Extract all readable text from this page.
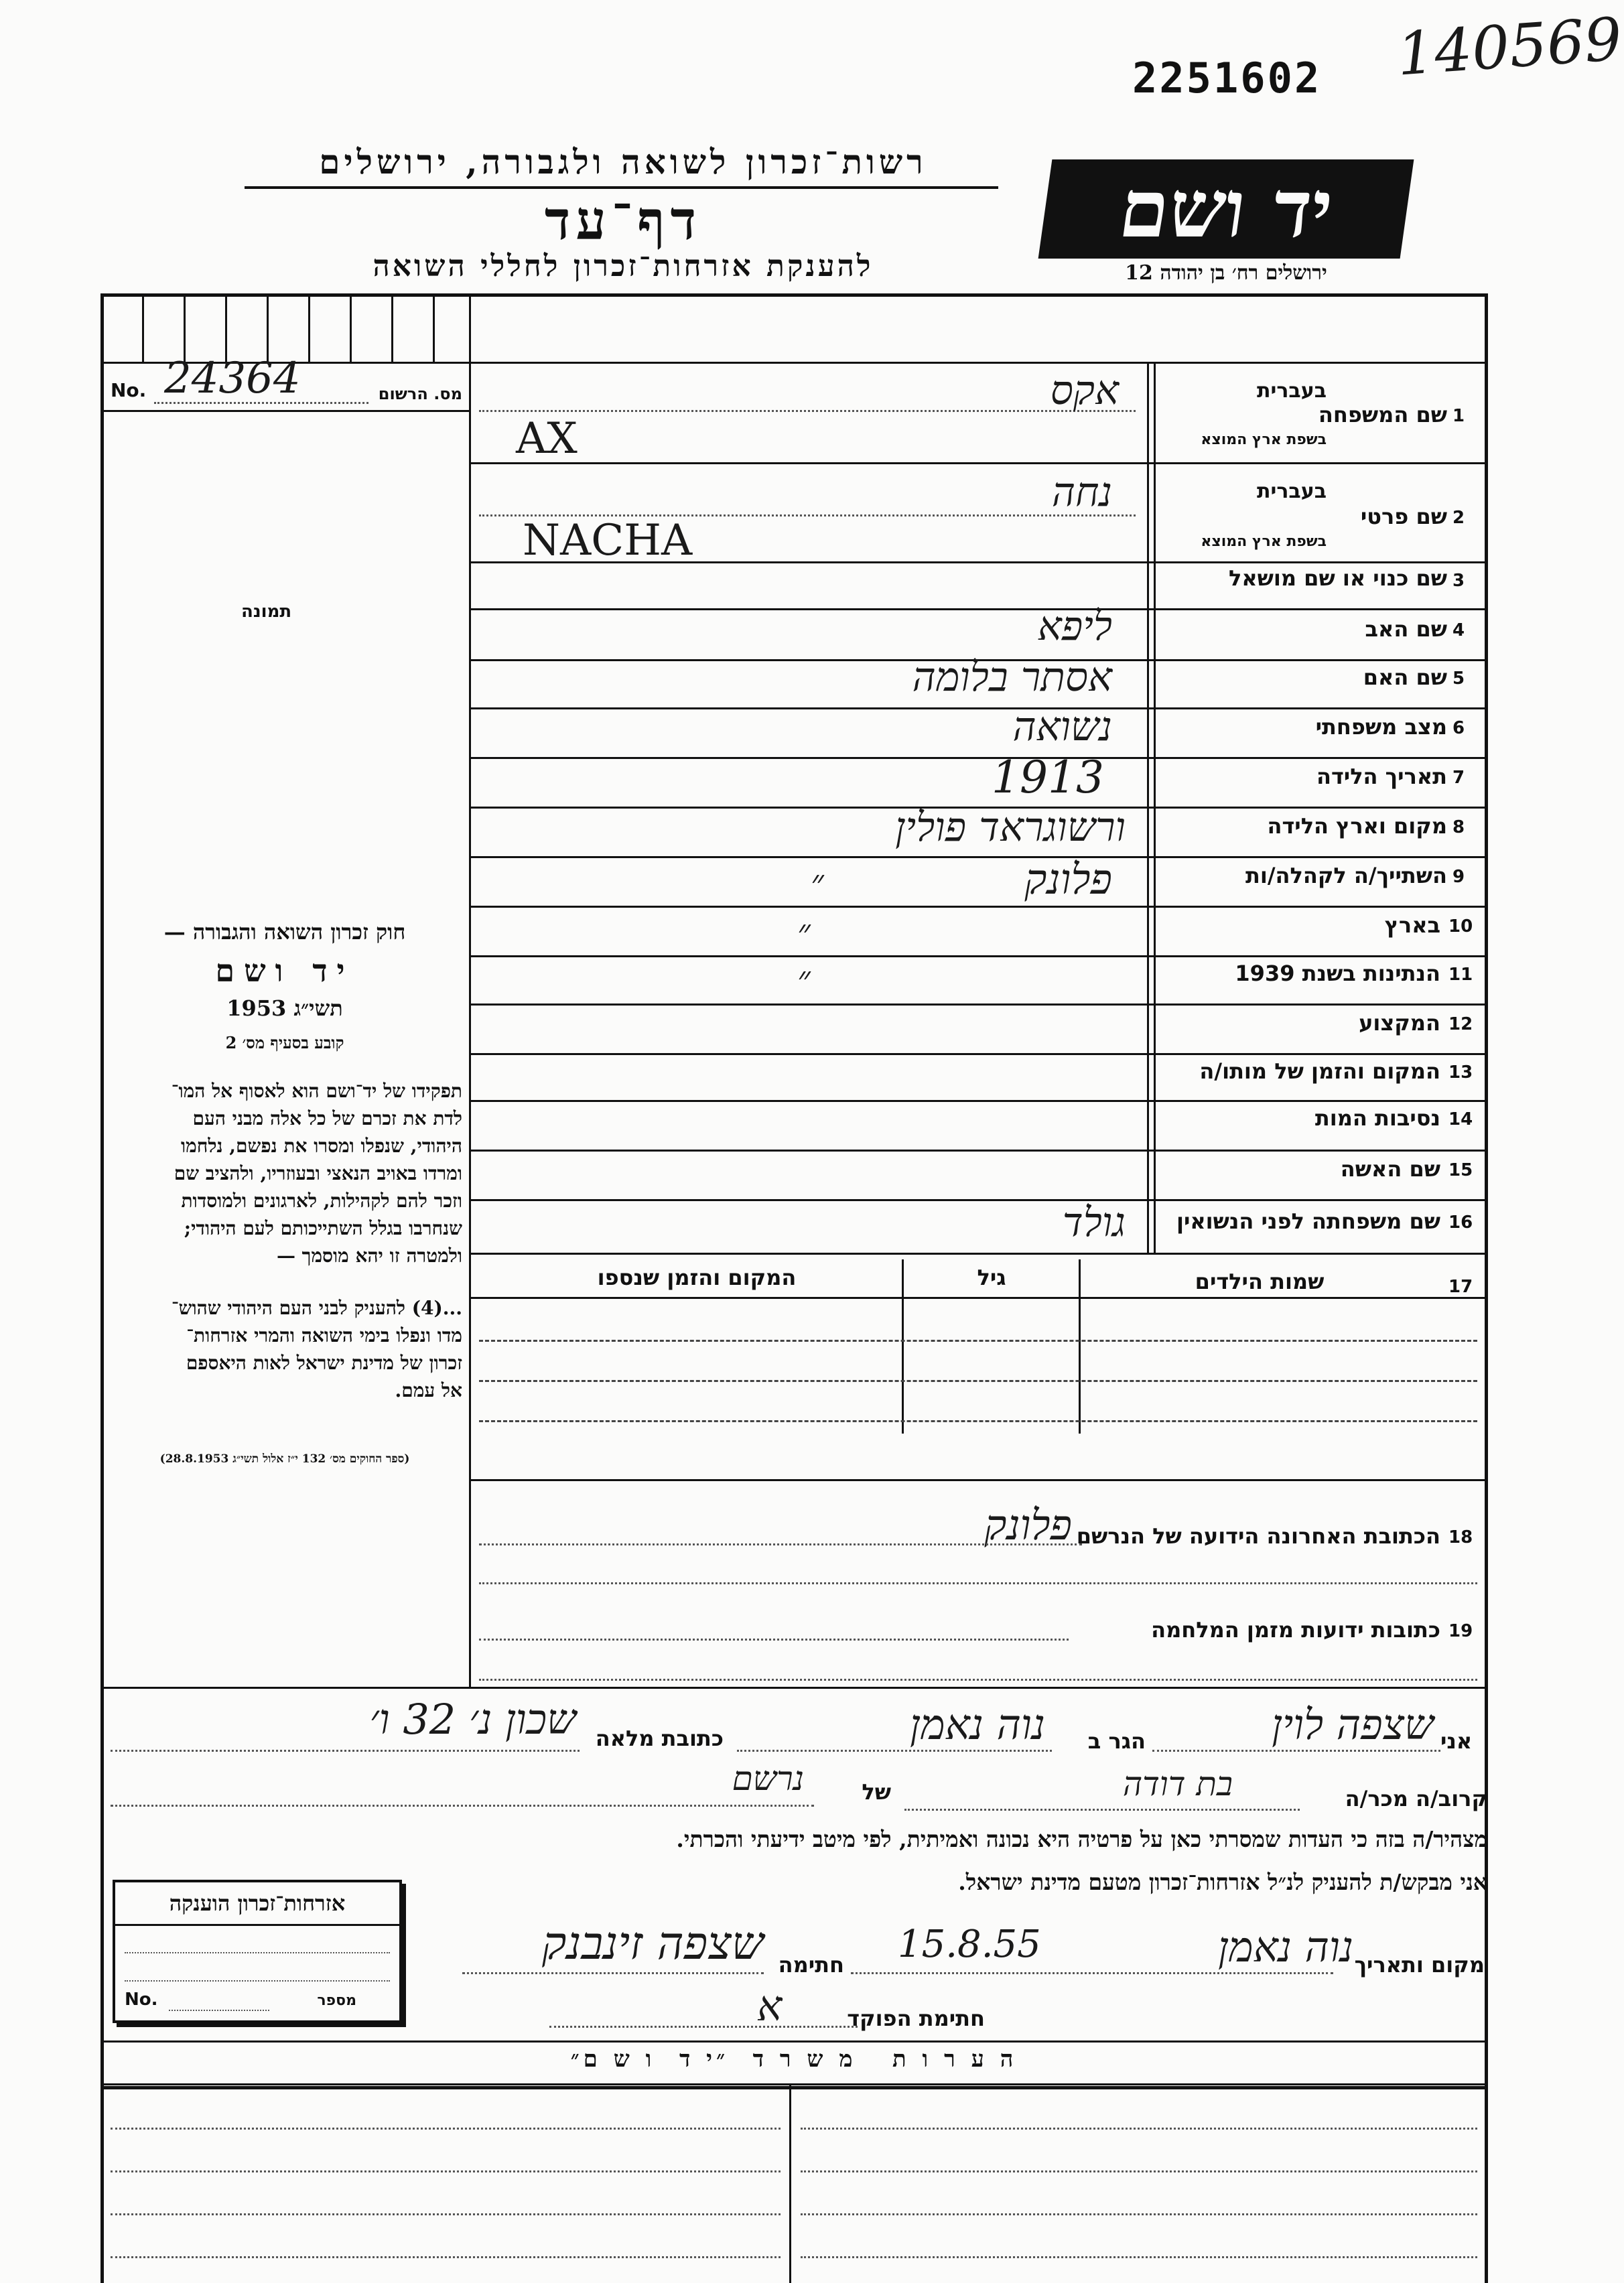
2251602 140569
רשות־זכרון לשואה ולגבורה, ירושלים
דף־עד
להענקת אזרחות־זכרון לחללי השואה
יד ושם
ירושלים רח׳ בן יהודה 12
No. 24364	מס. הרשום
תמונה
1
שם המשפחה
בעברית
בשפת ארץ המוצא
אקס
AX
2
שם פרטי
בעברית
בשפת ארץ המוצא
נחה
NACHA
3
שם כנוי או שם מושאל
4
שם האב
ליפא
5
שם האם
אסתר בלומה
6
מצב משפחתי
נשואה
7
תאריך הלידה
1913
8
מקום וארץ הלידה
ורשוגראד פולין
9
השתייך/ה לקהלה/ות
פלונק
״
10
בארץ
״
11
הנתינות בשנת 1939
״
12
המקצוע
13
המקום והזמן של מותו/ה
14
נסיבות המות
15
שם האשה
16
שם משפחתה לפני הנשואין
גולד
17
שמות הילדים
גיל
המקום והזמן שנספו
18
הכתובת האחרונה הידועה של הנרשם
פלונק
19
כתובות ידועות מזמן המלחמה
חוק זכרון השואה והגבורה —
יד ושם
תשי״ג 1953
קובע בסעיף מס׳ 2
תפקידו של יד־ושם הוא לאסוף אל המו־
לדת את זכרם של כל אלה מבני העם
היהודי, שנפלו ומסרו את נפשם, נלחמו
ומרדו באויב הנאצי ובעוזריו, ולהציב שם
וזכר להם לקהילות, לארגונים ולמוסדות
שנחרבו בגלל השתייכותם לעם היהודי;
ולמטרה זו יהא מוסמך —
...(4) להעניק לבני העם היהודי שהוש־
מדו ונפלו בימי השואה והמרי אזרחות־
זכרון של מדינת ישראל לאות היאספם
אל עמם.
(ספר החוקים מס׳ 132 י״ז אלול תשי״ג 28.8.1953)
אני
שצפה לוין
הגר ב
נוה נאמן
כתובת מלאה
שכון נ׳ 32 ו׳
קרוב/ה מכר/ה
בת דודה
של
נרשם
מצהיר/ה בזה כי העדות שמסרתי כאן על פרטיה היא נכונה ואמיתית, לפי מיטב ידיעתי והכרתי.
אני מבקש/ת להעניק לנ״ל אזרחות־זכרון מטעם מדינת ישראל.
מקום ותאריך
נוה נאמן
15.8.55
חתימה
שצפה זינבנק
חתימת הפוקד
א
אזרחות־זכרון הוענקה
No.	מספר
ה ע ר ו ת   מ ש ר ד  ״י ד  ו ש ם״
